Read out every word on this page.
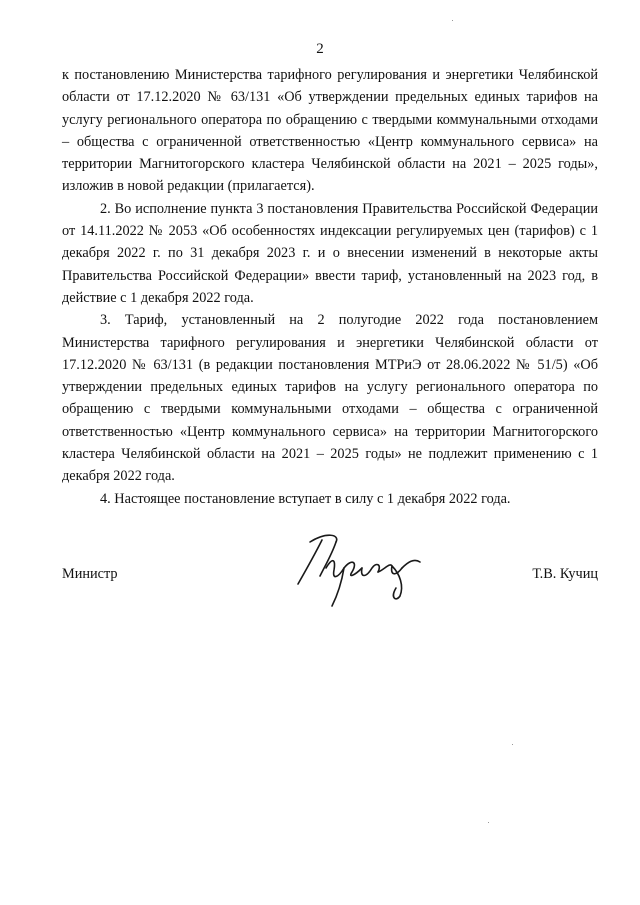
2

к постановлению Министерства тарифного регулирования и энергетики Челябинской области от 17.12.2020 № 63/131 «Об утверждении предельных единых тарифов на услугу регионального оператора по обращению с твердыми коммунальными отходами – общества с ограниченной ответственностью «Центр коммунального сервиса» на территории Магнитогорского кластера Челябинской области на 2021 – 2025 годы», изложив в новой редакции (прилагается).

2. Во исполнение пункта 3 постановления Правительства Российской Федерации от 14.11.2022 № 2053 «Об особенностях индексации регулируемых цен (тарифов) с 1 декабря 2022 г. по 31 декабря 2023 г. и о внесении изменений в некоторые акты Правительства Российской Федерации» ввести тариф, установленный на 2023 год, в действие с 1 декабря 2022 года.

3. Тариф, установленный на 2 полугодие 2022 года постановлением Министерства тарифного регулирования и энергетики Челябинской области от 17.12.2020 № 63/131 (в редакции постановления МТРиЭ от 28.06.2022 № 51/5) «Об утверждении предельных единых тарифов на услугу регионального оператора по обращению с твердыми коммунальными отходами – общества с ограниченной ответственностью «Центр коммунального сервиса» на территории Магнитогорского кластера Челябинской области на 2021 – 2025 годы» не подлежит применению с 1 декабря 2022 года.

4. Настоящее постановление вступает в силу с 1 декабря 2022 года.

Министр	Т.В. Кучиц
